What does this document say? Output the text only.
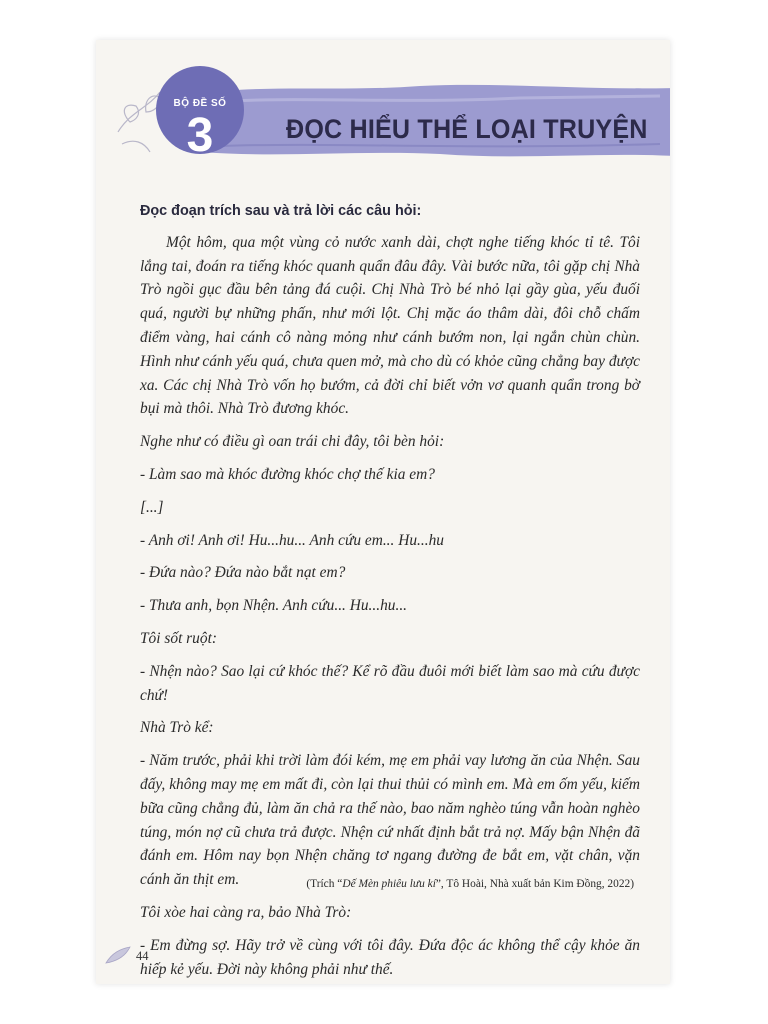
BỘ ĐỀ SỐ
3	ĐỌC HIỂU THỂ LOẠI TRUYỆN

Đọc đoạn trích sau và trả lời các câu hỏi:

Một hôm, qua một vùng cỏ nước xanh dài, chợt nghe tiếng khóc tỉ tê. Tôi lắng tai, đoán ra tiếng khóc quanh quẩn đâu đây. Vài bước nữa, tôi gặp chị Nhà Trò ngồi gục đầu bên tảng đá cuội. Chị Nhà Trò bé nhỏ lại gầy gùa, yếu đuối quá, người bự những phấn, như mới lột. Chị mặc áo thâm dài, đôi chỗ chấm điểm vàng, hai cánh cô nàng mỏng như cánh bướm non, lại ngắn chùn chùn. Hình như cánh yếu quá, chưa quen mở, mà cho dù có khỏe cũng chẳng bay được xa. Các chị Nhà Trò vốn họ bướm, cả đời chỉ biết vởn vơ quanh quẩn trong bờ bụi mà thôi. Nhà Trò đương khóc.

Nghe như có điều gì oan trái chi đây, tôi bèn hỏi:

- Làm sao mà khóc đường khóc chợ thế kia em?

[...]

- Anh ơi! Anh ơi! Hu...hu... Anh cứu em... Hu...hu

- Đứa nào? Đứa nào bắt nạt em?

- Thưa anh, bọn Nhện. Anh cứu... Hu...hu...

Tôi sốt ruột:

- Nhện nào? Sao lại cứ khóc thế? Kể rõ đầu đuôi mới biết làm sao mà cứu được chứ!

Nhà Trò kể:

- Năm trước, phải khi trời làm đói kém, mẹ em phải vay lương ăn của Nhện. Sau đấy, không may mẹ em mất đi, còn lại thui thủi có mình em. Mà em ốm yếu, kiếm bữa cũng chẳng đủ, làm ăn chả ra thế nào, bao năm nghèo túng vẫn hoàn nghèo túng, món nợ cũ chưa trả được. Nhện cứ nhất định bắt trả nợ. Mấy bận Nhện đã đánh em. Hôm nay bọn Nhện chăng tơ ngang đường đe bắt em, vặt chân, vặn cánh ăn thịt em.

Tôi xòe hai càng ra, bảo Nhà Trò:

- Em đừng sợ. Hãy trở về cùng với tôi đây. Đứa độc ác không thể cậy khỏe ăn hiếp kẻ yếu. Đời này không phải như thế.

(Trích “Dế Mèn phiêu lưu kí”, Tô Hoài, Nhà xuất bản Kim Đồng, 2022)
44
